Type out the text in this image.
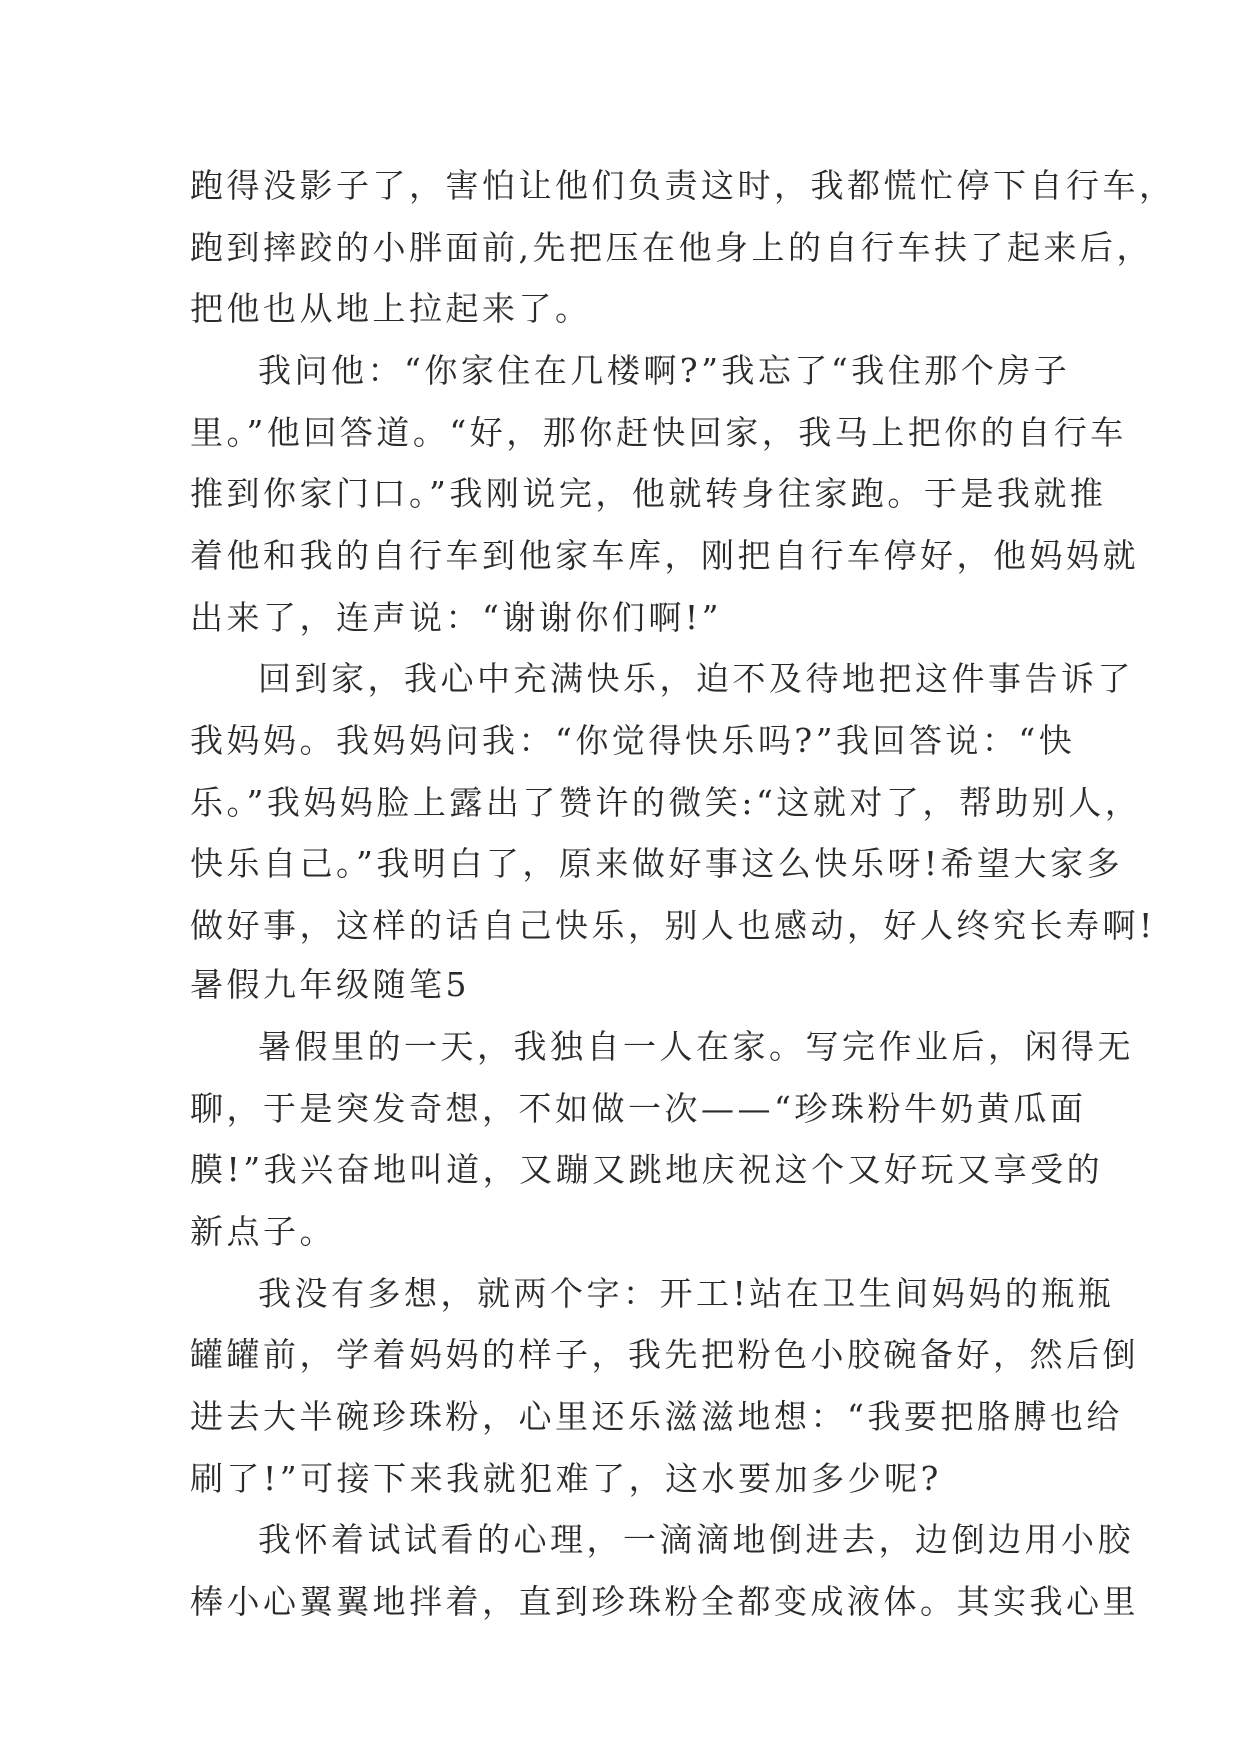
跑得没影子了，害怕让他们负责这时，我都慌忙停下自行车，
跑到摔跤的小胖面前,先把压在他身上的自行车扶了起来后，
把他也从地上拉起来了。
我问他：“你家住在几楼啊?”我忘了“我住那个房子
里。”他回答道。“好，那你赶快回家，我马上把你的自行车
推到你家门口。”我刚说完，他就转身往家跑。于是我就推
着他和我的自行车到他家车库，刚把自行车停好，他妈妈就
出来了，连声说：“谢谢你们啊!”
回到家，我心中充满快乐，迫不及待地把这件事告诉了
我妈妈。我妈妈问我：“你觉得快乐吗?”我回答说：“快
乐。”我妈妈脸上露出了赞许的微笑:“这就对了，帮助别人，
快乐自己。”我明白了，原来做好事这么快乐呀!希望大家多
做好事，这样的话自己快乐，别人也感动，好人终究长寿啊!
暑假九年级随笔5
暑假里的一天，我独自一人在家。写完作业后，闲得无
聊，于是突发奇想，不如做一次——“珍珠粉牛奶黄瓜面
膜!”我兴奋地叫道，又蹦又跳地庆祝这个又好玩又享受的
新点子。
我没有多想，就两个字：开工!站在卫生间妈妈的瓶瓶
罐罐前，学着妈妈的样子，我先把粉色小胶碗备好，然后倒
进去大半碗珍珠粉，心里还乐滋滋地想：“我要把胳膊也给
刷了!”可接下来我就犯难了，这水要加多少呢?
我怀着试试看的心理，一滴滴地倒进去，边倒边用小胶
棒小心翼翼地拌着，直到珍珠粉全都变成液体。其实我心里
